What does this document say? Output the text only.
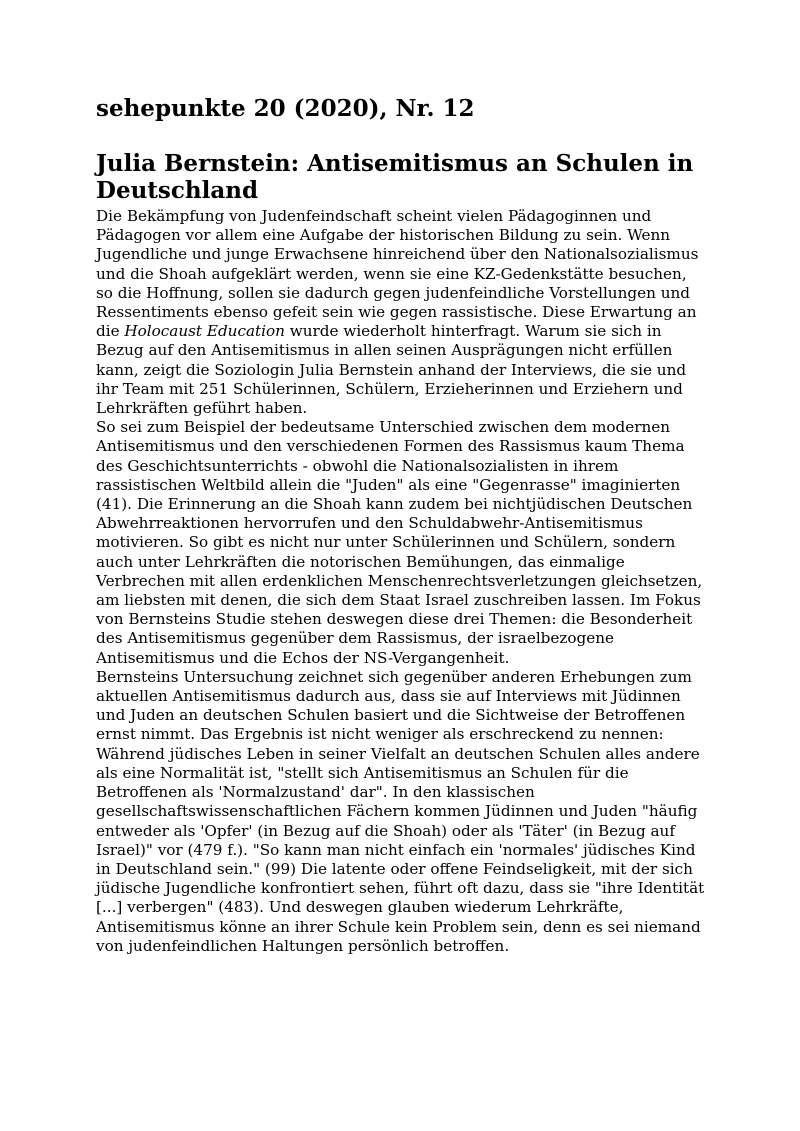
sehepunkte 20 (2020), Nr. 12
Julia Bernstein: Antisemitismus an Schulen in Deutschland

Die Bekämpfung von Judenfeindschaft scheint vielen Pädagoginnen und Pädagogen vor allem eine Aufgabe der historischen Bildung zu sein. Wenn Jugendliche und junge Erwachsene hinreichend über den Nationalsozialismus und die Shoah aufgeklärt werden, wenn sie eine KZ-Gedenkstätte besuchen, so die Hoffnung, sollen sie dadurch gegen judenfeindliche Vorstellungen und Ressentiments ebenso gefeit sein wie gegen rassistische. Diese Erwartung an die Holocaust Education wurde wiederholt hinterfragt. Warum sie sich in Bezug auf den Antisemitismus in allen seinen Ausprägungen nicht erfüllen kann, zeigt die Soziologin Julia Bernstein anhand der Interviews, die sie und ihr Team mit 251 Schülerinnen, Schülern, Erzieherinnen und Erziehern und Lehrkräften geführt haben.

So sei zum Beispiel der bedeutsame Unterschied zwischen dem modernen Antisemitismus und den verschiedenen Formen des Rassismus kaum Thema des Geschichtsunterrichts - obwohl die Nationalsozialisten in ihrem rassistischen Weltbild allein die "Juden" als eine "Gegenrasse" imaginierten (41). Die Erinnerung an die Shoah kann zudem bei nichtjüdischen Deutschen Abwehrreaktionen hervorrufen und den Schuldabwehr-Antisemitismus motivieren. So gibt es nicht nur unter Schülerinnen und Schülern, sondern auch unter Lehrkräften die notorischen Bemühungen, das einmalige Verbrechen mit allen erdenklichen Menschenrechtsverletzungen gleichsetzen, am liebsten mit denen, die sich dem Staat Israel zuschreiben lassen. Im Fokus von Bernsteins Studie stehen deswegen diese drei Themen: die Besonderheit des Antisemitismus gegenüber dem Rassismus, der israelbezogene Antisemitismus und die Echos der NS-Vergangenheit.

Bernsteins Untersuchung zeichnet sich gegenüber anderen Erhebungen zum aktuellen Antisemitismus dadurch aus, dass sie auf Interviews mit Jüdinnen und Juden an deutschen Schulen basiert und die Sichtweise der Betroffenen ernst nimmt. Das Ergebnis ist nicht weniger als erschreckend zu nennen: Während jüdisches Leben in seiner Vielfalt an deutschen Schulen alles andere als eine Normalität ist, "stellt sich Antisemitismus an Schulen für die Betroffenen als 'Normalzustand' dar". In den klassischen gesellschaftswissenschaftlichen Fächern kommen Jüdinnen und Juden "häufig entweder als 'Opfer' (in Bezug auf die Shoah) oder als 'Täter' (in Bezug auf Israel)" vor (479 f.). "So kann man nicht einfach ein 'normales' jüdisches Kind in Deutschland sein." (99) Die latente oder offene Feindseligkeit, mit der sich jüdische Jugendliche konfrontiert sehen, führt oft dazu, dass sie "ihre Identität [...] verbergen" (483). Und deswegen glauben wiederum Lehrkräfte, Antisemitismus könne an ihrer Schule kein Problem sein, denn es sei niemand von judenfeindlichen Haltungen persönlich betroffen.
